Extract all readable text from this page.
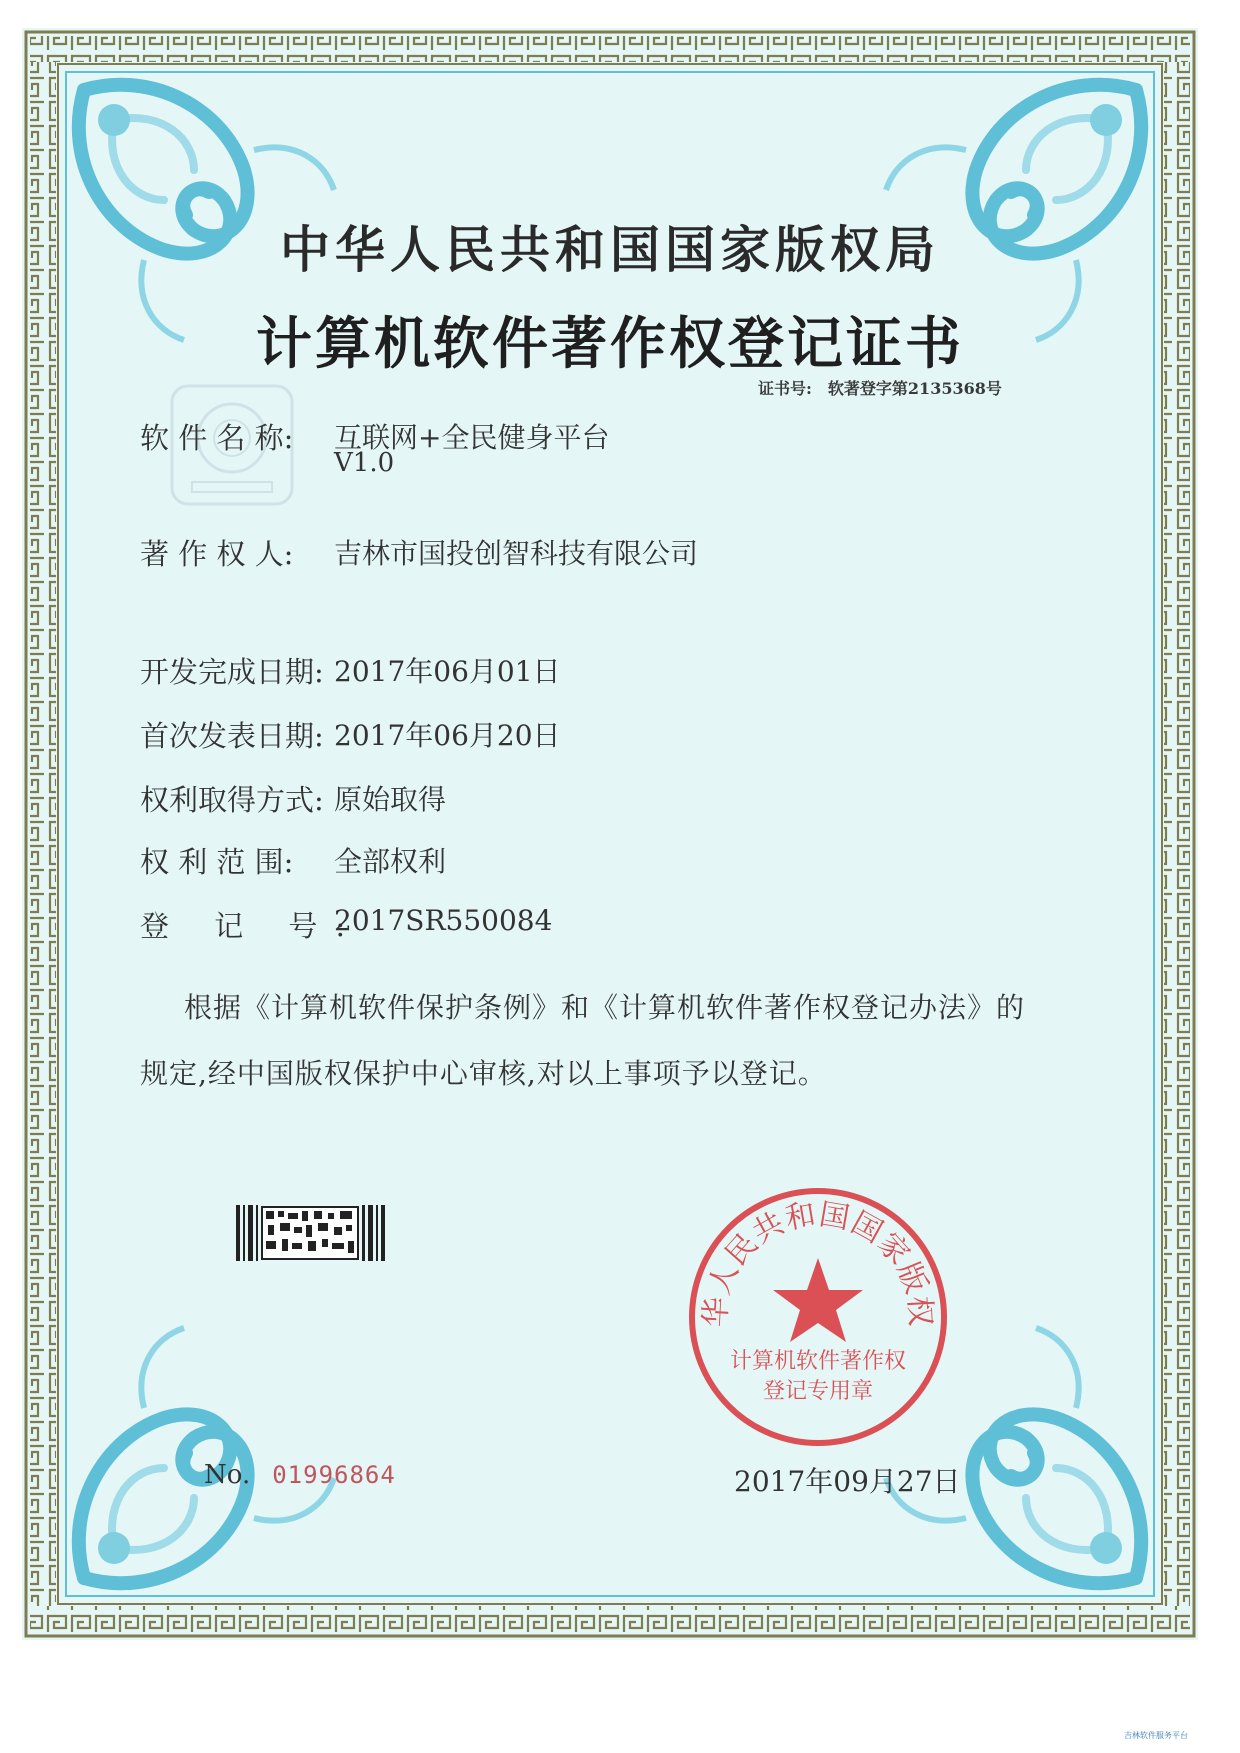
中华人民共和国国家版权局
计算机软件著作权登记证书
证书号: 软著登字第2135368号
软 件 名 称: 互联网+全民健身平台
V1.0
著 作 权 人: 吉林市国投创智科技有限公司
开发完成日期: 2017年06月01日
首次发表日期: 2017年06月20日
权利取得方式: 原始取得
权 利 范 围: 全部权利
登 记 号:
2017SR550084
根据《计算机软件保护条例》和《计算机软件著作权登记办法》的
规定,经中国版权保护中心审核,对以上事项予以登记。
华人民共和国国家版权
计算机软件著作权
登记专用章
No. 01996864	2017年09月27日
吉林软件服务平台
